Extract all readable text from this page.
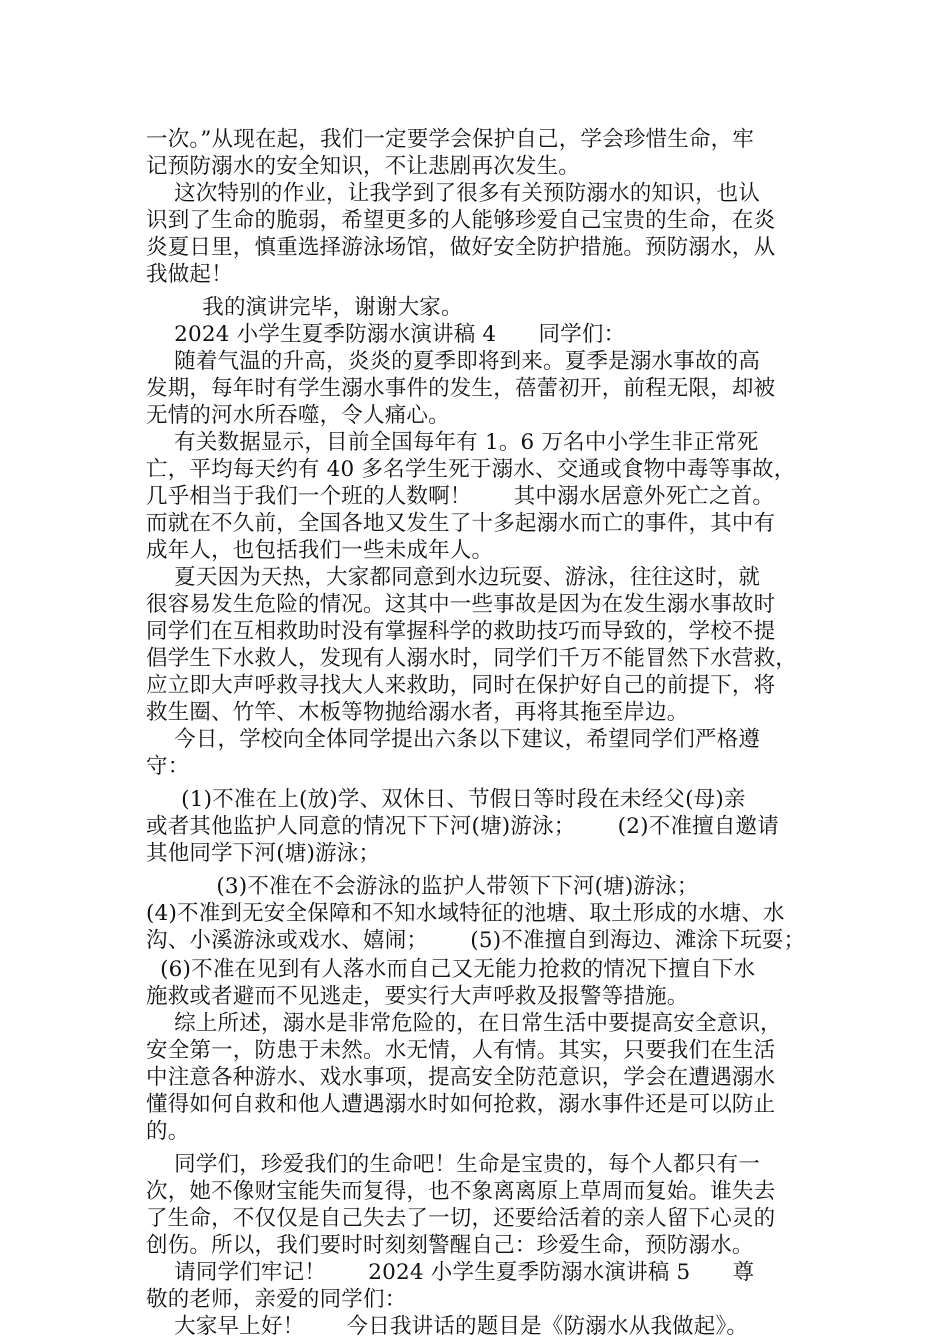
一次。”从现在起，我们一定要学会保护自己，学会珍惜生命，牢
记预防溺水的安全知识，不让悲剧再次发生。
这次特别的作业，让我学到了很多有关预防溺水的知识，也认
识到了生命的脆弱，希望更多的人能够珍爱自己宝贵的生命，在炎
炎夏日里，慎重选择游泳场馆，做好安全防护措施。预防溺水，从
我做起！
我的演讲完毕，谢谢大家。
2024 小学生夏季防溺水演讲稿 4      同学们：
随着气温的升高，炎炎的夏季即将到来。夏季是溺水事故的高
发期，每年时有学生溺水事件的发生，蓓蕾初开，前程无限，却被
无情的河水所吞噬，令人痛心。
有关数据显示，目前全国每年有 1。6 万名中小学生非正常死
亡，平均每天约有 40 多名学生死于溺水、交通或食物中毒等事故，
几乎相当于我们一个班的人数啊！      其中溺水居意外死亡之首。
而就在不久前，全国各地又发生了十多起溺水而亡的事件，其中有
成年人，也包括我们一些未成年人。
夏天因为天热，大家都同意到水边玩耍、游泳，往往这时，就
很容易发生危险的情况。这其中一些事故是因为在发生溺水事故时
同学们在互相救助时没有掌握科学的救助技巧而导致的，学校不提
倡学生下水救人，发现有人溺水时，同学们千万不能冒然下水营救，
应立即大声呼救寻找大人来救助，同时在保护好自己的前提下，将
救生圈、竹竿、木板等物抛给溺水者，再将其拖至岸边。
今日，学校向全体同学提出六条以下建议，希望同学们严格遵
守：
(1)不准在上(放)学、双休日、节假日等时段在未经父(母)亲
或者其他监护人同意的情况下下河(塘)游泳；      (2)不准擅自邀请
其他同学下河(塘)游泳；
(3)不准在不会游泳的监护人带领下下河(塘)游泳；
(4)不准到无安全保障和不知水域特征的池塘、取土形成的水塘、水
沟、小溪游泳或戏水、嬉闹；      (5)不准擅自到海边、滩涂下玩耍；
(6)不准在见到有人落水而自己又无能力抢救的情况下擅自下水
施救或者避而不见逃走，要实行大声呼救及报警等措施。
综上所述，溺水是非常危险的，在日常生活中要提高安全意识，
安全第一，防患于未然。水无情，人有情。其实，只要我们在生活
中注意各种游水、戏水事项，提高安全防范意识，学会在遭遇溺水
懂得如何自救和他人遭遇溺水时如何抢救，溺水事件还是可以防止
的。
同学们，珍爱我们的生命吧！生命是宝贵的，每个人都只有一
次，她不像财宝能失而复得，也不象离离原上草周而复始。谁失去
了生命，不仅仅是自己失去了一切，还要给活着的亲人留下心灵的
创伤。所以，我们要时时刻刻警醒自己：珍爱生命，预防溺水。
请同学们牢记！      2024 小学生夏季防溺水演讲稿 5      尊
敬的老师，亲爱的同学们：
大家早上好！      今日我讲话的题目是《防溺水从我做起》。
